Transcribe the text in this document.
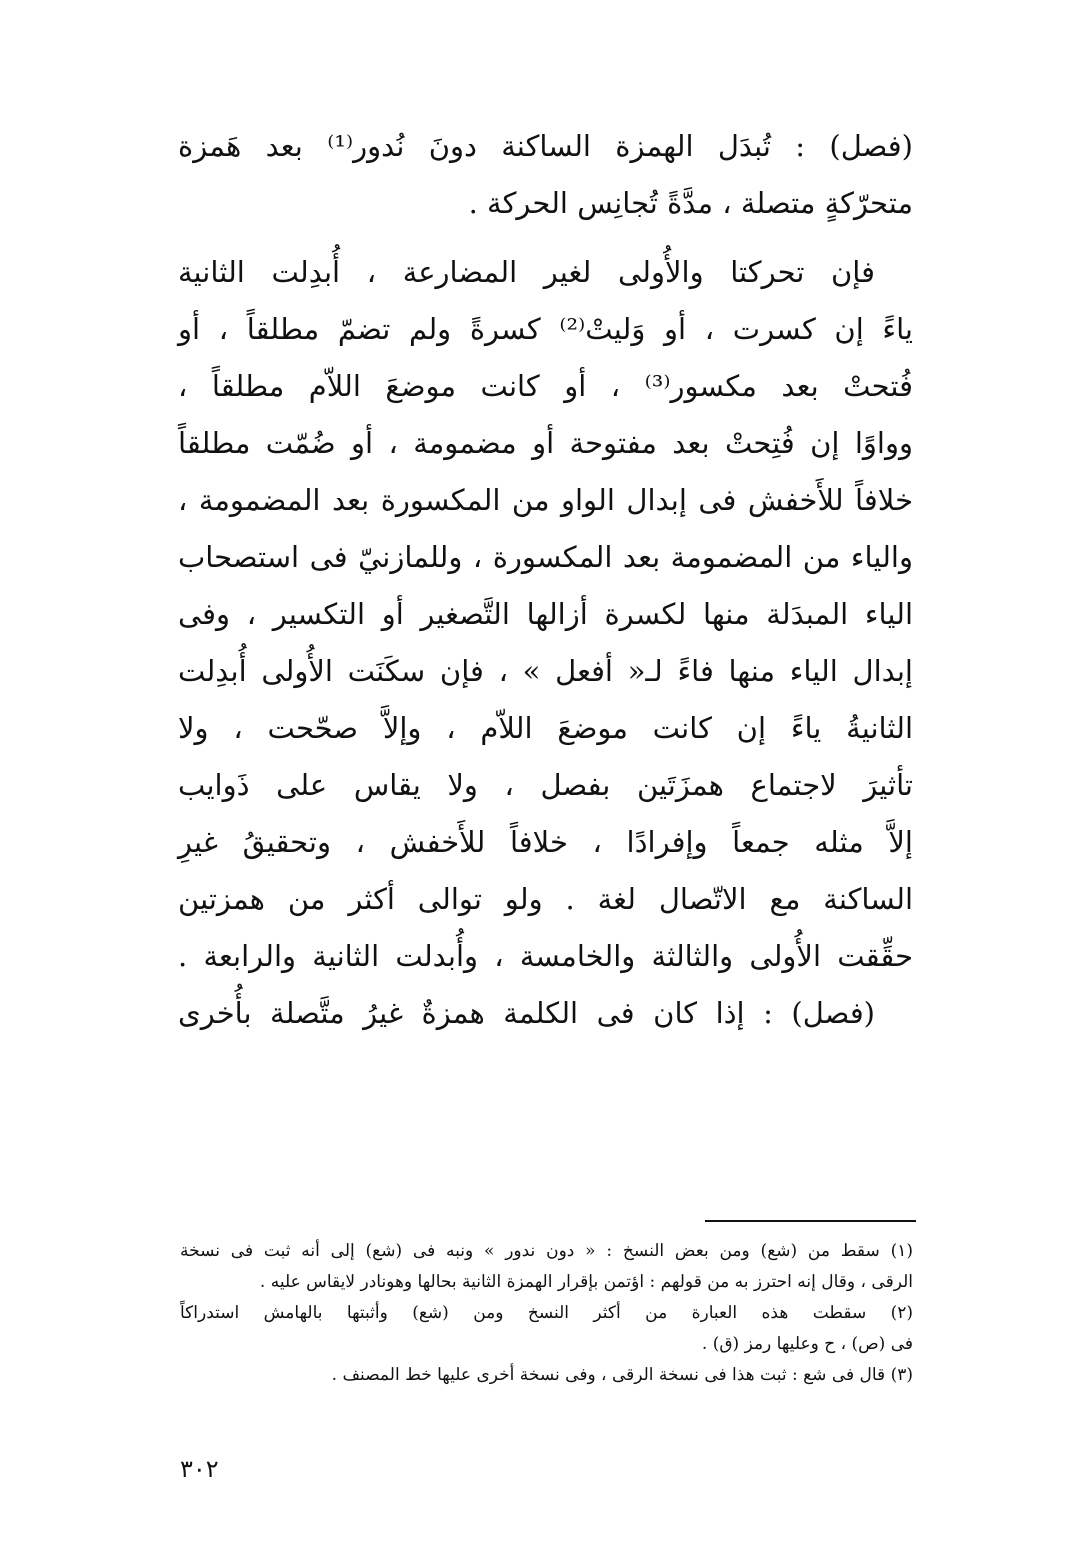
(فصل) : تُبدَل الهمزة الساكنة دونَ نُدور⁽¹⁾ بعد هَمزة
متحرّكةٍ متصلة ، مدَّةً تُجانِس الحركة .
فإن تحركتا والأُولى لغير المضارعة ، أُبدِلت الثانية
ياءً إن كسرت ، أو وَليتْ⁽²⁾ كسرةً ولم تضمّ مطلقاً ، أو
فُتحتْ بعد مكسور⁽³⁾ ، أو كانت موضعَ اللاّم مطلقاً ،
وواوًا إن فُتِحتْ بعد مفتوحة أو مضمومة ، أو ضُمّت مطلقاً
خلافاً للأَخفش فى إبدال الواو من المكسورة بعد المضمومة ،
والياء من المضمومة بعد المكسورة ، وللمازنيّ فى استصحاب
الياء المبدَلة منها لكسرة أزالها التَّصغير أو التكسير ، وفى
إبدال الياء منها فاءً لـ« أفعل » ، فإن سكَنَت الأُولى أُبدِلت
الثانيةُ ياءً إن كانت موضعَ اللاّم ، وإلاَّ صحّحت ، ولا
تأثيرَ لاجتماع همزَتَين بفصل ، ولا يقاس على ذَوايب
إلاَّ مثله جمعاً وإفرادًا ، خلافاً للأَخفش ، وتحقيقُ غيرِ
الساكنة مع الاتّصال لغة . ولو توالى أكثر من همزتين
حقِّقت الأُولى والثالثة والخامسة ، وأُبدلت الثانية والرابعة .
(فصل) : إذا كان فى الكلمة همزةٌ غيرُ متَّصلة بأُخرى
(١) سقط من (شع) ومن بعض النسخ : « دون ندور » ونبه فى (شع) إلى أنه ثبت فى نسخة
الرقى ، وقال إنه احترز به من قولهم : اؤتمن بإقرار الهمزة الثانية بحالها وهونادر لايقاس عليه .
(٢) سقطت هذه العبارة من أكثر النسخ ومن (شع) وأثبتها بالهامش استدراكاً
فى (ص) ، ح وعليها رمز (ق) .
(٣) قال فى شع : ثبت هذا فى نسخة الرقى ، وفى نسخة أخرى عليها خط المصنف .
٣٠٢
